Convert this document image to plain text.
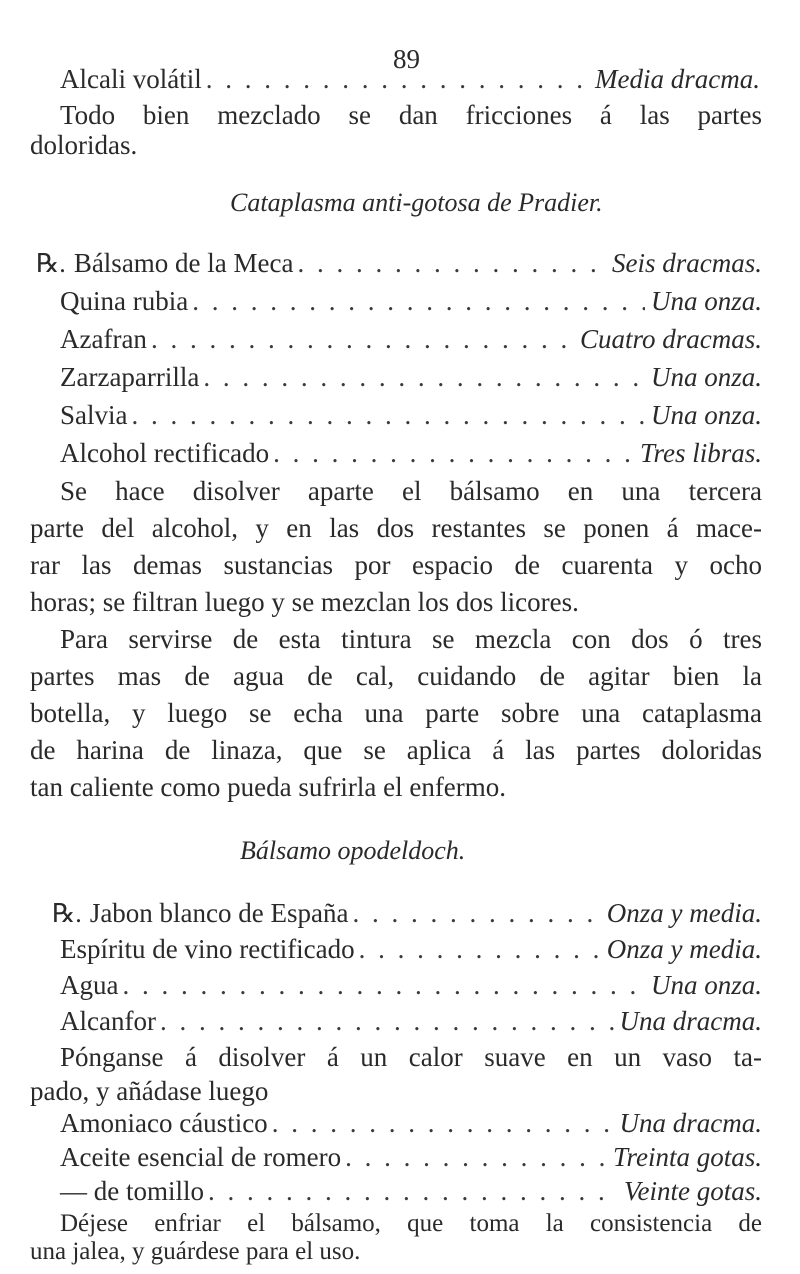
89
Alcali volátil . . .	Media dracma.
Todo bien mezclado se dan fricciones á las partes
doloridas.
Cataplasma anti-gotosa de Pradier.
℞. Bálsamo de la Meca . . .	Seis dracmas.
Quina rubia . . .	Una onza.
Azafran . . .	Cuatro dracmas.
Zarzaparrilla . . .	Una onza.
Salvia . . .	Una onza.
Alcohol rectificado . . .	Tres libras.
Se hace disolver aparte el bálsamo en una tercera
parte del alcohol, y en las dos restantes se ponen á mace-
rar las demas sustancias por espacio de cuarenta y ocho
horas; se filtran luego y se mezclan los dos licores.
Para servirse de esta tintura se mezcla con dos ó tres
partes mas de agua de cal, cuidando de agitar bien la
botella, y luego se echa una parte sobre una cataplasma
de harina de linaza, que se aplica á las partes doloridas
tan caliente como pueda sufrirla el enfermo.
Bálsamo opodeldoch.
℞. Jabon blanco de España . . .	Onza y media.
Espíritu de vino rectificado . . .	Onza y media.
Agua . . .	Una onza.
Alcanfor . . .	Una dracma.
Pónganse á disolver á un calor suave en un vaso ta-
pado, y añádase luego
Amoniaco cáustico . . .	Una dracma.
Aceite esencial de romero . . .	Treinta gotas.
— de tomillo . . .	Veinte gotas.
Déjese enfriar el bálsamo, que toma la consistencia de
una jalea, y guárdese para el uso.
